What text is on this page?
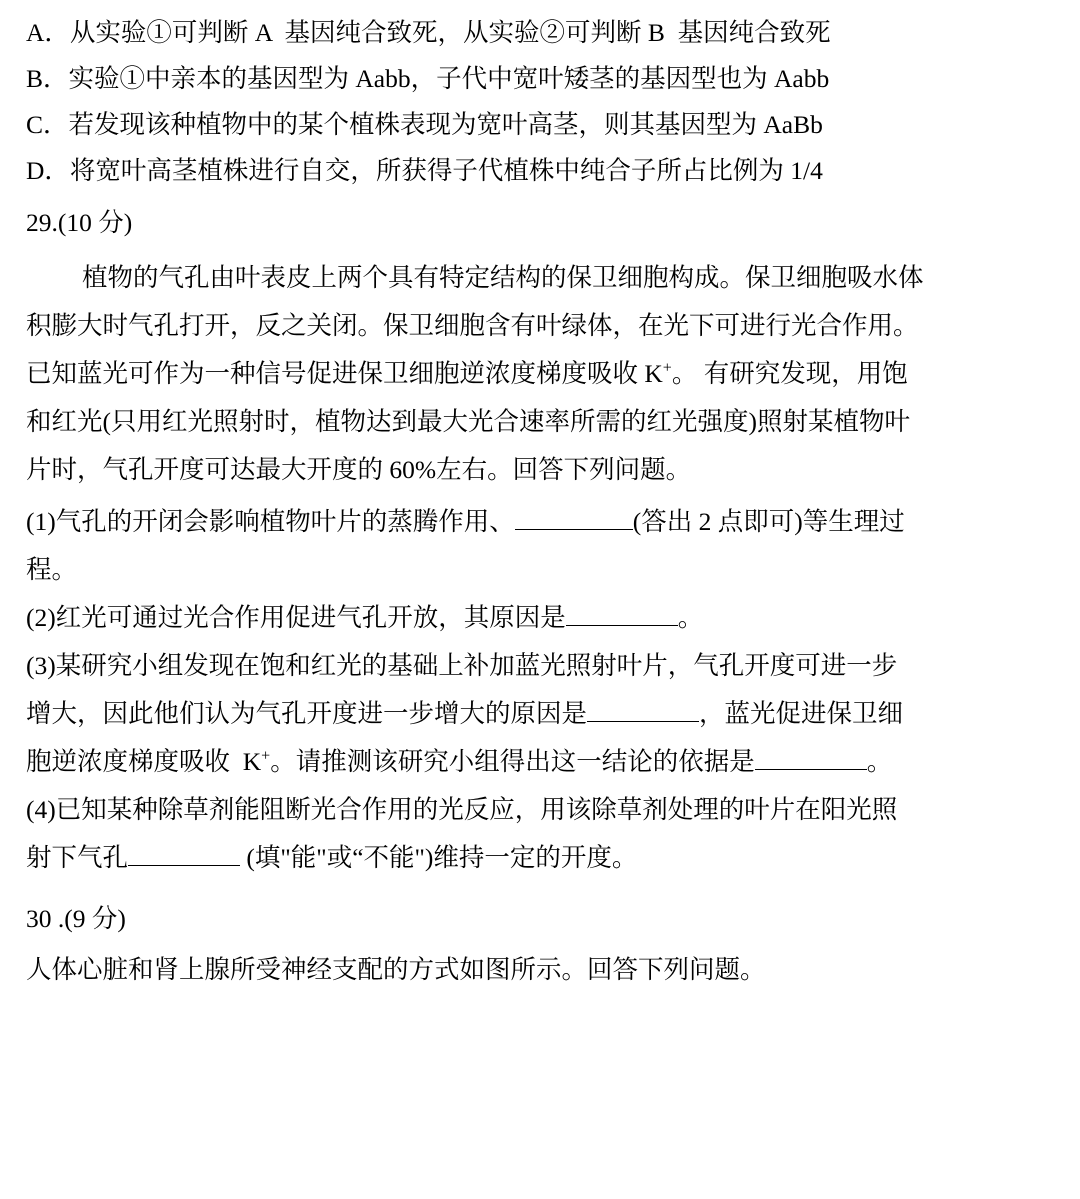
A．从实验①可判断 A  基因纯合致死，从实验②可判断 B  基因纯合致死
B．实验①中亲本的基因型为 Aabb，子代中宽叶矮茎的基因型也为 Aabb
C．若发现该种植物中的某个植株表现为宽叶高茎，则其基因型为 AaBb
D．将宽叶高茎植株进行自交，所获得子代植株中纯合子所占比例为 1/4
29.(10 分)
植物的气孔由叶表皮上两个具有特定结构的保卫细胞构成。保卫细胞吸水体
积膨大时气孔打开，反之关闭。保卫细胞含有叶绿体，在光下可进行光合作用。
已知蓝光可作为一种信号促进保卫细胞逆浓度梯度吸收 K+。 有研究发现，用饱
和红光(只用红光照射时，植物达到最大光合速率所需的红光强度)照射某植物叶
片时，气孔开度可达最大开度的 60%左右。回答下列问题。
(1)气孔的开闭会影响植物叶片的蒸腾作用、	(答出 2 点即可)等生理过
程。
(2)红光可通过光合作用促进气孔开放，其原因是	。
(3)某研究小组发现在饱和红光的基础上补加蓝光照射叶片，气孔开度可进一步
增大，因此他们认为气孔开度进一步增大的原因是	，蓝光促进保卫细
胞逆浓度梯度吸收  K+。请推测该研究小组得出这一结论的依据是	。
(4)已知某种除草剂能阻断光合作用的光反应，用该除草剂处理的叶片在阳光照
射下气孔	(填"能"或“不能")维持一定的开度。
30 .(9 分)
人体心脏和肾上腺所受神经支配的方式如图所示。回答下列问题。
